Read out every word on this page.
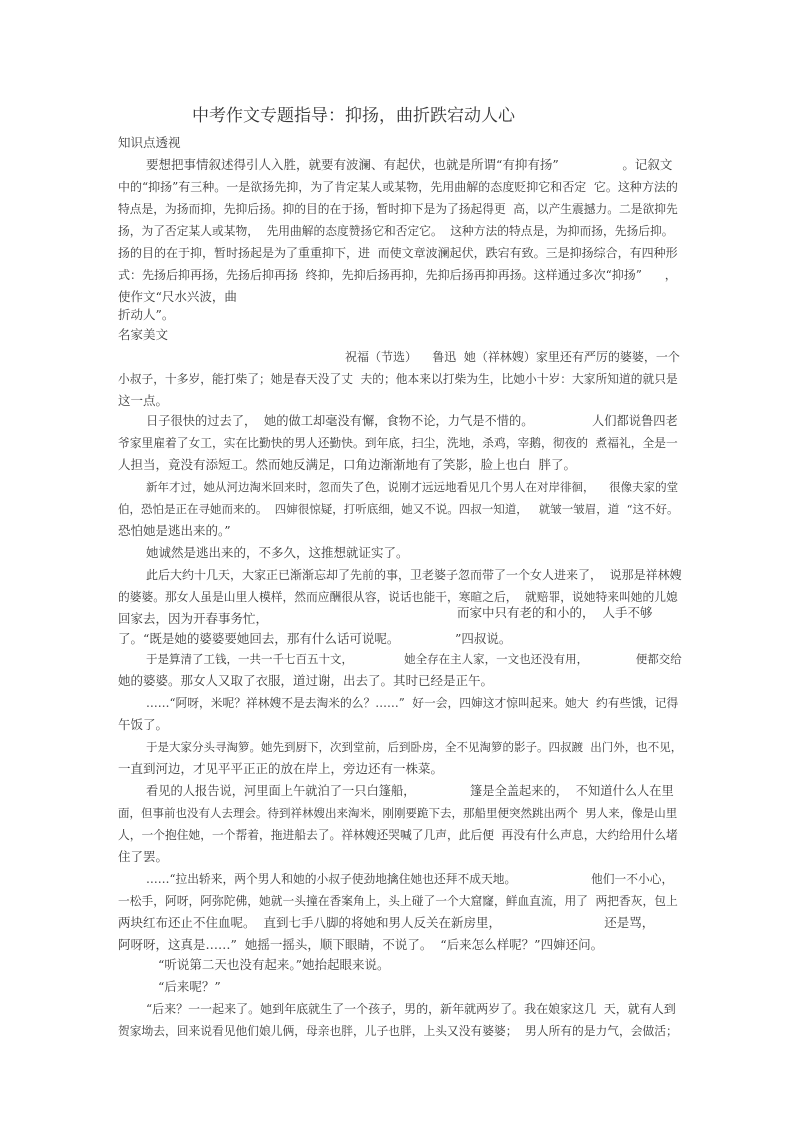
中考作文专题指导：抑扬，曲折跌宕动人心

知识点透视

要想把事情叙述得引人入胜，就要有波澜、有起伏，也就是所谓“有抑有扬”                。记叙文

中的“抑扬”有三种。一是欲扬先抑，为了肯定某人或某物，先用曲解的态度贬抑它和否定  它。这种方法的

特点是，为扬而抑，先抑后扬。抑的目的在于扬，暂时抑下是为了扬起得更  高，以产生震撼力。二是欲抑先

扬，为了否定某人或某物，  先用曲解的态度赞扬它和否定它。  这种方法的特点是，为抑而扬，先扬后抑。

扬的目的在于抑，暂时扬起是为了重重抑下，进  而使文章波澜起伏，跌宕有致。三是抑扬综合，有四种形

式：先扬后抑再扬，先扬后抑再扬  终抑，先抑后扬再抑，先抑后扬再抑再扬。这样通过多次“抑扬”      ，

使作文“尺水兴波，曲

折动人”。

名家美文

祝福（节选）    鲁迅  她（祥林嫂）家里还有严厉的婆婆，一个

小叔子，十多岁，能打柴了；她是春天没了丈  夫的；他本来以打柴为生，比她小十岁：大家所知道的就只是

这一点。

日子很快的过去了，  她的做工却毫没有懈，食物不论，力气是不惜的。               人们都说鲁四老

爷家里雇着了女工，实在比勤快的男人还勤快。到年底，扫尘，洗地，杀鸡，宰鹅，彻夜的  煮福礼，全是一

人担当，竟没有添短工。然而她反满足，口角边渐渐地有了笑影，脸上也白  胖了。

新年才过，她从河边淘米回来时，忽而失了色，说刚才远远地看见几个男人在对岸徘徊，    很像夫家的堂

伯，恐怕是正在寻她而来的。  四婶很惊疑，打听底细，她又不说。四叔一知道，   就皱一皱眉，道  “这不好。

恐怕她是逃出来的。”

她诚然是逃出来的，不多久，这推想就证实了。

此后大约十几天，大家正已渐渐忘却了先前的事，卫老婆子忽而带了一个女人进来了，  说那是祥林嫂

的婆婆。那女人虽是山里人模样，然而应酬很从容，说话也能干，寒暄之后，  就赔罪，说她特来叫她的儿媳

回家去，因为开春事务忙，	而家中只有老的和小的，  人手不够

了。“既是她的婆婆要她回去，那有什么话可说呢。              ”四叔说。

于是算清了工钱，一共一千七百五十文，              她全存在主人家，一文也还没有用，             便都交给

她的婆婆。那女人又取了衣服，道过谢，出去了。其时已经是正午。

……“阿呀，米呢？祥林嫂不是去淘米的么？……”  好一会，四婶这才惊叫起来。她大  约有些饿，记得

午饭了。

于是大家分头寻淘箩。她先到厨下，次到堂前，后到卧房，全不见淘箩的影子。四叔踱  出门外，也不见，

一直到河边，才见平平正正的放在岸上，旁边还有一株菜。

看见的人报告说，河里面上午就泊了一只白篷船，              篷是全盖起来的，  不知道什么人在里

面，但事前也没有人去理会。待到祥林嫂出来淘米，刚刚要跪下去，那船里便突然跳出两个  男人来，像是山里

人，一个抱住她，一个帮着，拖进船去了。祥林嫂还哭喊了几声，此后便  再没有什么声息，大约给用什么堵

住了罢。

……“拉出轿来，两个男人和她的小叔子使劲地擒住她也还拜不成天地。                    他们一不小心，

一松手，阿呀，阿弥陀佛，她就一头撞在香案角上，头上碰了一个大窟窿，鲜血直流，用了  两把香灰，包上

两块红布还止不住血呢。  直到七手八脚的将她和男人反关在新房里，                          还是骂，

阿呀呀，这真是……”  她摇一摇头，顺下眼睛，不说了。  “后来怎么样呢？”四婶还问。

“听说第二天也没有起来。”她抬起眼来说。

“后来呢？”

“后来？一一起来了。她到年底就生了一个孩子，男的，新年就两岁了。我在娘家这几  天，就有人到

贺家坳去，回来说看见他们娘儿俩，母亲也胖，儿子也胖，上头又没有婆婆；  男人所有的是力气，会做活；
